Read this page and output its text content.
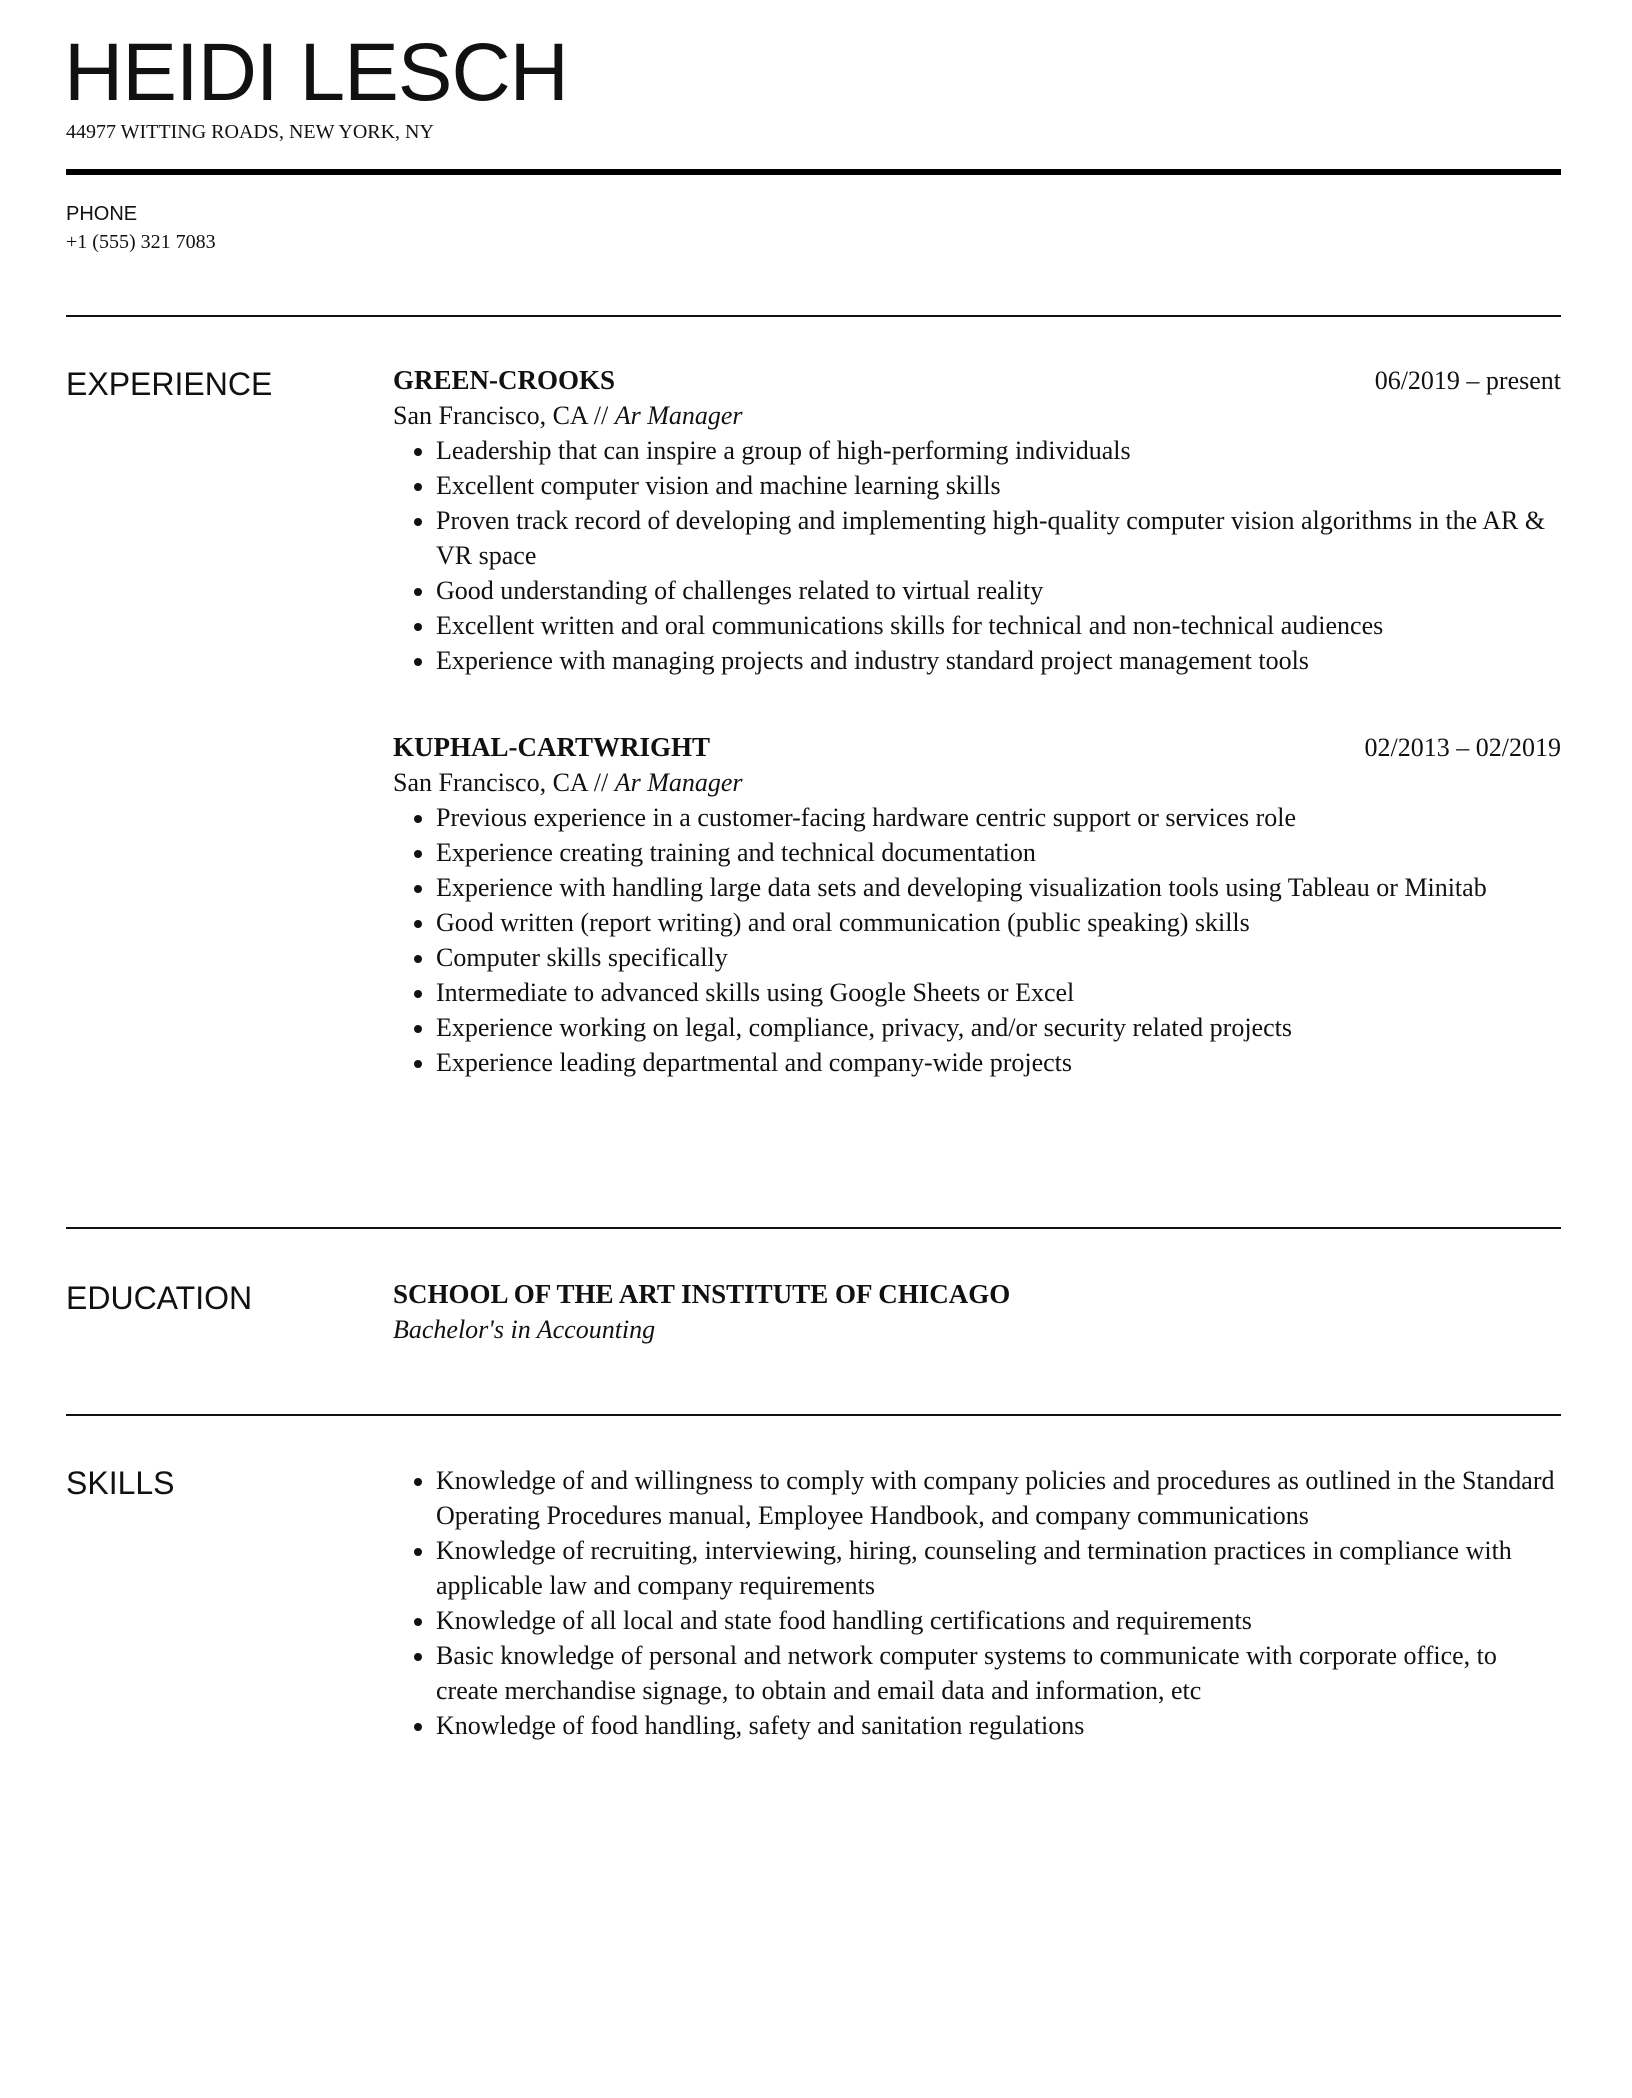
HEIDI LESCH
44977 WITTING ROADS, NEW YORK, NY
PHONE
+1 (555) 321 7083
EXPERIENCE	GREEN-CROOKS	06/2019 – present
San Francisco, CA // Ar Manager
• Leadership that can inspire a group of high-performing individuals
• Excellent computer vision and machine learning skills
• Proven track record of developing and implementing high-quality computer vision algorithms in the AR & VR space
• Good understanding of challenges related to virtual reality
• Excellent written and oral communications skills for technical and non-technical audiences
• Experience with managing projects and industry standard project management tools
KUPHAL-CARTWRIGHT	02/2013 – 02/2019
San Francisco, CA // Ar Manager
• Previous experience in a customer-facing hardware centric support or services role
• Experience creating training and technical documentation
• Experience with handling large data sets and developing visualization tools using Tableau or Minitab
• Good written (report writing) and oral communication (public speaking) skills
• Computer skills specifically
• Intermediate to advanced skills using Google Sheets or Excel
• Experience working on legal, compliance, privacy, and/or security related projects
• Experience leading departmental and company-wide projects
EDUCATION	SCHOOL OF THE ART INSTITUTE OF CHICAGO
Bachelor's in Accounting
SKILLS	• Knowledge of and willingness to comply with company policies and procedures as outlined in the Standard Operating Procedures manual, Employee Handbook, and company communications
• Knowledge of recruiting, interviewing, hiring, counseling and termination practices in compliance with applicable law and company requirements
• Knowledge of all local and state food handling certifications and requirements
• Basic knowledge of personal and network computer systems to communicate with corporate office, to create merchandise signage, to obtain and email data and information, etc
• Knowledge of food handling, safety and sanitation regulations
